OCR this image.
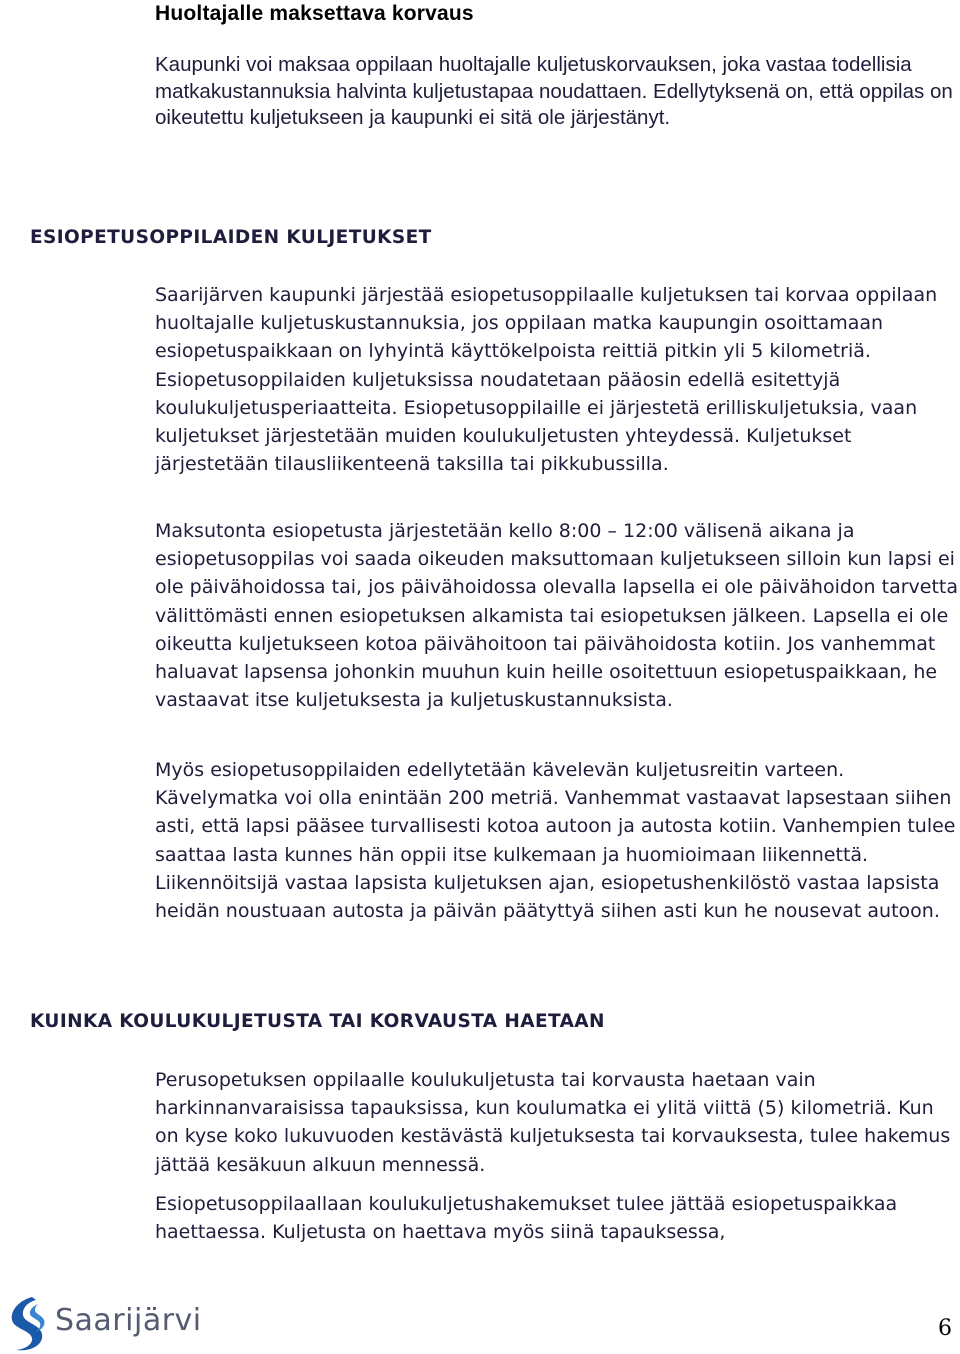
Huoltajalle maksettava korvaus

Kaupunki voi maksaa oppilaan huoltajalle kuljetuskorvauksen, joka vastaa todellisia matkakustannuksia halvinta kuljetustapaa noudattaen. Edellytyksenä on, että oppilas on oikeutettu kuljetukseen ja kaupunki ei sitä ole järjestänyt.

ESIOPETUSOPPILAIDEN KULJETUKSET

Saarijärven kaupunki järjestää esiopetusoppilaalle kuljetuksen tai korvaa oppilaan huoltajalle kuljetuskustannuksia, jos oppilaan matka kaupungin osoittamaan esiopetuspaikkaan on lyhyintä käyttökelpoista reittiä pitkin yli 5 kilometriä. Esiopetusoppilaiden kuljetuksissa noudatetaan pääosin edellä esitettyjä koulukuljetusperiaatteita. Esiopetusoppilaille ei järjestetä erilliskuljetuksia, vaan kuljetukset järjestetään muiden koulukuljetusten yhteydessä. Kuljetukset järjestetään tilausliikenteenä taksilla tai pikkubussilla.

Maksutonta esiopetusta järjestetään kello 8:00 – 12:00 välisenä aikana ja esiopetusoppilas voi saada oikeuden maksuttomaan kuljetukseen silloin kun lapsi ei ole päivähoidossa tai, jos päivähoidossa olevalla lapsella ei ole päivähoidon tarvetta välittömästi ennen esiopetuksen alkamista tai esiopetuksen jälkeen. Lapsella ei ole oikeutta kuljetukseen kotoa päivähoitoon tai päivähoidosta kotiin. Jos vanhemmat haluavat lapsensa johonkin muuhun kuin heille osoitettuun esiopetuspaikkaan, he vastaavat itse kuljetuksesta ja kuljetuskustannuksista.

Myös esiopetusoppilaiden edellytetään kävelevän kuljetusreitin varteen. Kävelymatka voi olla enintään 200 metriä. Vanhemmat vastaavat lapsestaan siihen asti, että lapsi pääsee turvallisesti kotoa autoon ja autosta kotiin. Vanhempien tulee saattaa lasta kunnes hän oppii itse kulkemaan ja huomioimaan liikennettä. Liikennöitsijä vastaa lapsista kuljetuksen ajan, esiopetushenkilöstö vastaa lapsista heidän noustuaan autosta ja päivän päätyttyä siihen asti kun he nousevat autoon.

KUINKA KOULUKULJETUSTA TAI KORVAUSTA HAETAAN

Perusopetuksen oppilaalle koulukuljetusta tai korvausta haetaan vain harkinnanvaraisissa tapauksissa, kun koulumatka ei ylitä viittä (5) kilometriä. Kun on kyse koko lukuvuoden kestävästä kuljetuksesta tai korvauksesta, tulee hakemus jättää kesäkuun alkuun mennessä.

Esiopetusoppilaallaan koulukuljetushakemukset tulee jättää esiopetuspaikkaa haettaessa. Kuljetusta on haettava myös siinä tapauksessa,

Saarijärvi	6
